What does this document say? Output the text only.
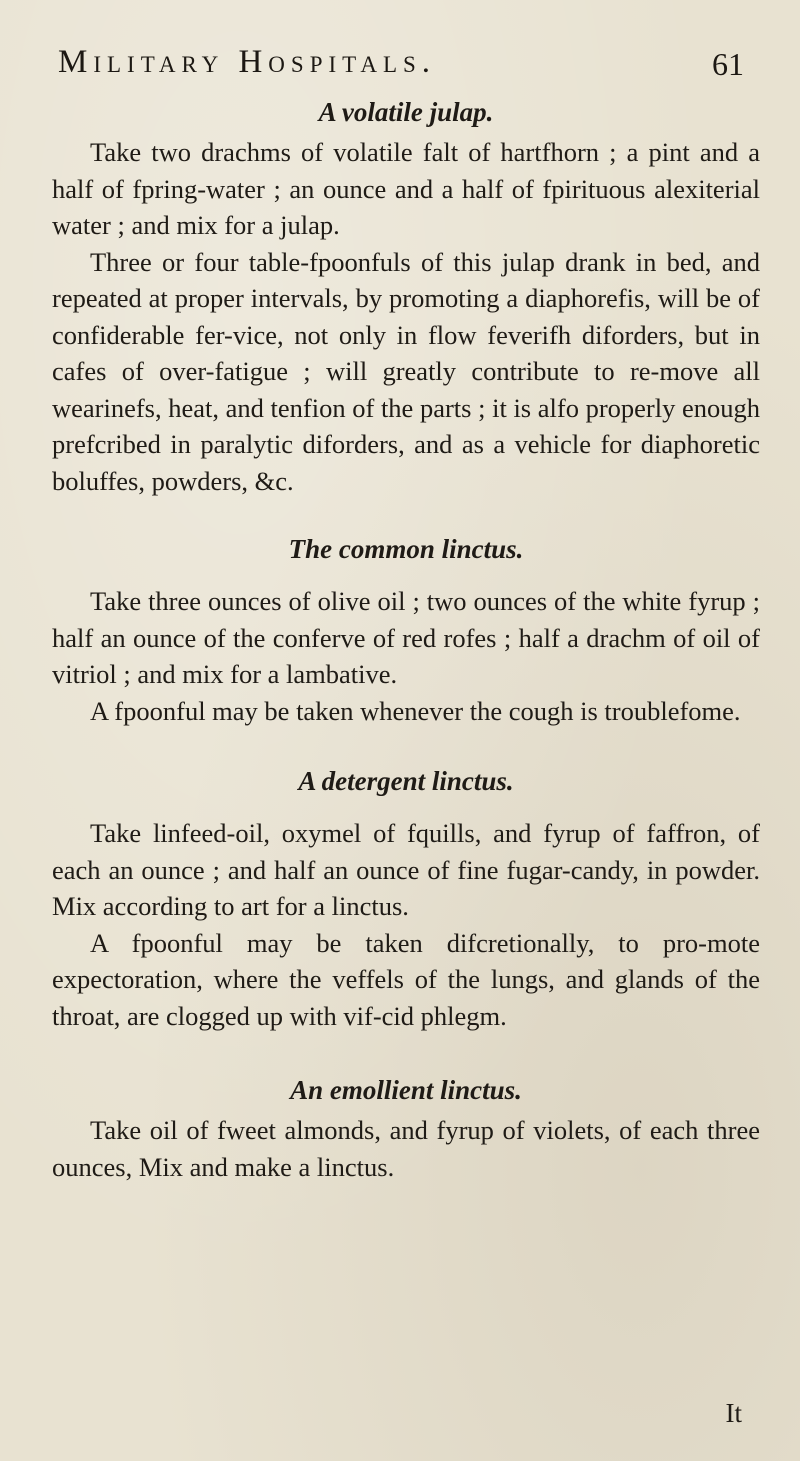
Military Hospitals.	61
A volatile julap.

Take two drachms of volatile falt of hartfhorn ; a pint and a half of fpring-water ; an ounce and a half of fpirituous alexiterial water ; and mix for a julap.

Three or four table-fpoonfuls of this julap drank in bed, and repeated at proper intervals, by promoting a diaphorefis, will be of confiderable fer-vice, not only in flow feverifh diforders, but in cafes of over-fatigue ; will greatly contribute to re-move all wearinefs, heat, and tenfion of the parts ; it is alfo properly enough prefcribed in paralytic diforders, and as a vehicle for diaphoretic boluffes, powders, &c.

The common linctus.

Take three ounces of olive oil ; two ounces of the white fyrup ; half an ounce of the conferve of red rofes ; half a drachm of oil of vitriol ; and mix for a lambative.

A fpoonful may be taken whenever the cough is troublefome.

A detergent linctus.

Take linfeed-oil, oxymel of fquills, and fyrup of faffron, of each an ounce ; and half an ounce of fine fugar-candy, in powder. Mix according to art for a linctus.

A fpoonful may be taken difcretionally, to pro-mote expectoration, where the veffels of the lungs, and glands of the throat, are clogged up with vif-cid phlegm.

An emollient linctus.

Take oil of fweet almonds, and fyrup of violets, of each three ounces, Mix and make a linctus.

It
